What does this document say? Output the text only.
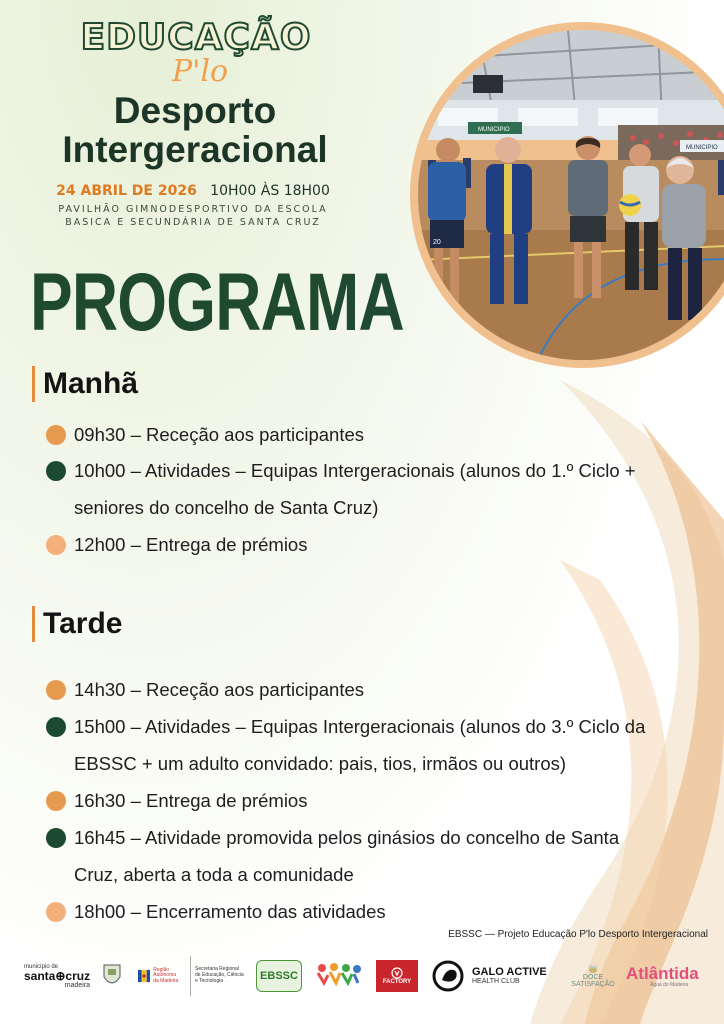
EDUCAÇÃO
P'lo
Desporto
Intergeracional
24 ABRIL DE 2026 10H00 ÀS 18H00
PAVILHÃO GIMNODESPORTIVO DA ESCOLA
BASICA E SECUNDÁRIA DE SANTA CRUZ
MUNICIPIO
MUNICIPIO
20
PROGRAMA
Manhã
09h30 – Receção aos participantes
10h00 – Atividades – Equipas Intergeracionais (alunos do 1.º Ciclo +
seniores do concelho de Santa Cruz)
12h00 – Entrega de prémios
Tarde
14h30 – Receção aos participantes
15h00 – Atividades – Equipas Intergeracionais (alunos do 3.º Ciclo da
EBSSC + um adulto convidado: pais, tios, irmãos ou outros)
16h30 – Entrega de prémios
16h45 – Atividade promovida pelos ginásios do concelho de Santa
Cruz, aberta a toda a comunidade
18h00 – Encerramento das atividades
EBSSC — Projeto Educação P'lo Desporto Intergeracional
município de
santa⊕cruz
madeira
Região Autónoma
da Madeira
Secretaria Regional
de Educação, Ciência
e Tecnologia	EBSSC	FACTORY
GALO ACTIVE
HEALTH CLUB
DOCE
SATISFAÇÃO
Atlântida
Água do Madeira
